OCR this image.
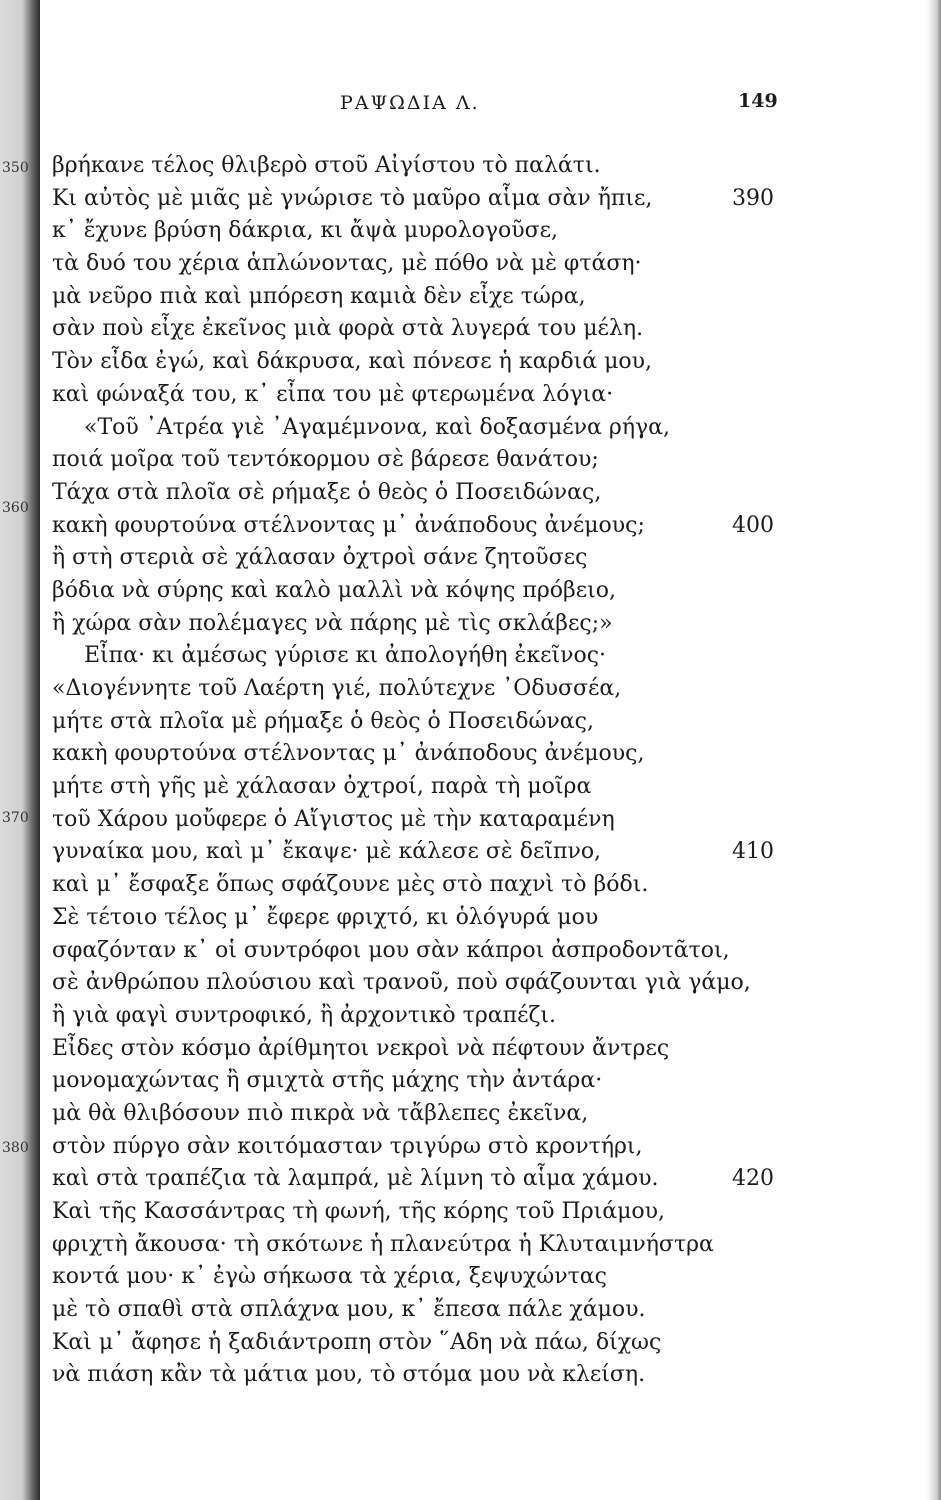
350
360
370
380
ΡΑΨΩΔΙΑ Λ.	149
βρήκανε τέλος θλιβερὸ στοῦ Αἰγίστου τὸ παλάτι.
Κι αὐτὸς μὲ μιᾶς μὲ γνώρισε τὸ μαῦρο αἷμα σὰν ἤπιε,	390
κ᾽ ἔχυνε βρύση δάκρια, κι ἄψὰ μυρολογοῦσε,
τὰ δυό του χέρια ἁπλώνοντας, μὲ πόθο νὰ μὲ φτάση·
μὰ νεῦρο πιὰ καὶ μπόρεση καμιὰ δὲν εἶχε τώρα,
σὰν ποὺ εἶχε ἐκεῖνος μιὰ φορὰ στὰ λυγερά του μέλη.
Τὸν εἶδα ἐγώ, καὶ δάκρυσα, καὶ πόνεσε ἡ καρδιά μου,
καὶ φώναξά του, κ᾽ εἶπα του μὲ φτερωμένα λόγια·
«Τοῦ ᾽Ατρέα γιὲ ᾽Αγαμέμνονα, καὶ δοξασμένα ρήγα,
ποιά μοῖρα τοῦ τεντόκορμου σὲ βάρεσε θανάτου;
Τάχα στὰ πλοῖα σὲ ρήμαξε ὁ θεὸς ὁ Ποσειδώνας,
κακὴ φουρτούνα στέλνοντας μ᾽ ἀνάποδους ἀνέμους;	400
ἢ στὴ στεριὰ σὲ χάλασαν ὀχτροὶ σάνε ζητοῦσες
βόδια νὰ σύρης καὶ καλὸ μαλλὶ νὰ κόψης πρόβειο,
ἢ χώρα σὰν πολέμαγες νὰ πάρης μὲ τὶς σκλάβες;»
Εἶπα· κι ἀμέσως γύρισε κι ἀπολογήθη ἐκεῖνος·
«Διογέννητε τοῦ Λαέρτη γιέ, πολύτεχνε ᾽Οδυσσέα,
μήτε στὰ πλοῖα μὲ ρήμαξε ὁ θεὸς ὁ Ποσειδώνας,
κακὴ φουρτούνα στέλνοντας μ᾽ ἀνάποδους ἀνέμους,
μήτε στὴ γῆς μὲ χάλασαν ὀχτροί, παρὰ τὴ μοῖρα
τοῦ Χάρου μοὔφερε ὁ Αἴγιστος μὲ τὴν καταραμένη
γυναίκα μου, καὶ μ᾽ ἔκαψε· μὲ κάλεσε σὲ δεῖπνο,	410
καὶ μ᾽ ἔσφαξε ὅπως σφάζουνε μὲς στὸ παχνὶ τὸ βόδι.
Σὲ τέτοιο τέλος μ᾽ ἔφερε φριχτό, κι ὁλόγυρά μου
σφαζόνταν κ᾽ οἱ συντρόφοι μου σὰν κάπροι ἀσπροδοντᾶτοι,
σὲ ἀνθρώπου πλούσιου καὶ τρανοῦ, ποὺ σφάζουνται γιὰ γάμο,
ἢ γιὰ φαγὶ συντροφικό, ἢ ἀρχοντικὸ τραπέζι.
Εἶδες στὸν κόσμο ἀρίθμητοι νεκροὶ νὰ πέφτουν ἄντρες
μονομαχώντας ἢ σμιχτὰ στῆς μάχης τὴν ἀντάρα·
μὰ θὰ θλιβόσουν πιὸ πικρὰ νὰ τἄβλεπες ἐκεῖνα,
στὸν πύργο σὰν κοιτόμασταν τριγύρω στὸ κροντήρι,
καὶ στὰ τραπέζια τὰ λαμπρά, μὲ λίμνη τὸ αἷμα χάμου.	420
Καὶ τῆς Κασσάντρας τὴ φωνή, τῆς κόρης τοῦ Πριάμου,
φριχτὴ ἄκουσα· τὴ σκότωνε ἡ πλανεύτρα ἡ Κλυταιμνήστρα
κοντά μου· κ᾽ ἐγὼ σήκωσα τὰ χέρια, ξεψυχώντας
μὲ τὸ σπαθὶ στὰ σπλάχνα μου, κ᾽ ἔπεσα πάλε χάμου.
Καὶ μ᾽ ἄφησε ἡ ξαδιάντροπη στὸν ῞Αδη νὰ πάω, δίχως
νὰ πιάση κἂν τὰ μάτια μου, τὸ στόμα μου νὰ κλείση.
